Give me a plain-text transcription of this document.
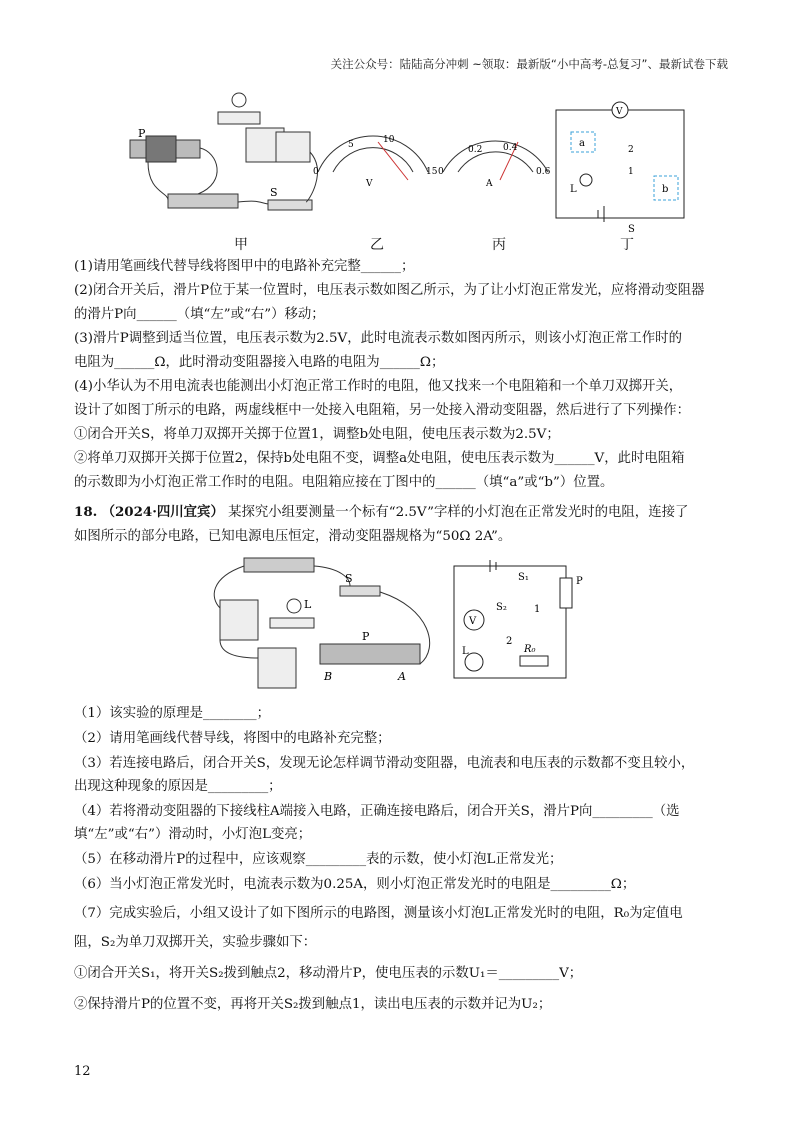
关注公众号：陆陆高分冲刺 ~领取：最新版“小中高考-总复习”、最新试卷下载
P
S
0
5	10
15
V
0
0.2 0.4
0.6
A
V
a
b
L
S
1
2
甲	乙	丙	丁
(1)请用笔画线代替导线将图甲中的电路补充完整______；
(2)闭合开关后，滑片P位于某一位置时，电压表示数如图乙所示，为了让小灯泡正常发光，应将滑动变阻器
的滑片P向______（填“左”或“右”）移动；
(3)滑片P调整到适当位置，电压表示数为2.5V，此时电流表示数如图丙所示，则该小灯泡正常工作时的
电阻为______Ω，此时滑动变阻器接入电路的电阻为______Ω；
(4)小华认为不用电流表也能测出小灯泡正常工作时的电阻，他又找来一个电阻箱和一个单刀双掷开关，
设计了如图丁所示的电路，两虚线框中一处接入电阻箱，另一处接入滑动变阻器，然后进行了下列操作：
①闭合开关S，将单刀双掷开关掷于位置1，调整b处电阻，使电压表示数为2.5V；
②将单刀双掷开关掷于位置2，保持b处电阻不变，调整a处电阻，使电压表示数为______V，此时电阻箱
的示数即为小灯泡正常工作时的电阻。电阻箱应接在丁图中的______（填“a”或“b”）位置。
18. （2024·四川宜宾） 某探究小组要测量一个标有“2.5V”字样的小灯泡在正常发光时的电阻，连接了
如图所示的部分电路，已知电源电压恒定，滑动变阻器规格为“50Ω 2A”。
S
L
P
B	A
S₁	P
S₂	1
2
V
L	R₀
（1）该实验的原理是________；
（2）请用笔画线代替导线，将图中的电路补充完整；
（3）若连接电路后，闭合开关S，发现无论怎样调节滑动变阻器，电流表和电压表的示数都不变且较小，
出现这种现象的原因是_________；
（4）若将滑动变阻器的下接线柱A端接入电路，正确连接电路后，闭合开关S，滑片P向_________（选
填“左”或“右”）滑动时，小灯泡L变亮；
（5）在移动滑片P的过程中，应该观察_________表的示数，使小灯泡L正常发光；
（6）当小灯泡正常发光时，电流表示数为0.25A，则小灯泡正常发光时的电阻是_________Ω；
（7）完成实验后，小组又设计了如下图所示的电路图，测量该小灯泡L正常发光时的电阻，R₀为定值电
阻，S₂为单刀双掷开关，实验步骤如下：
①闭合开关S₁，将开关S₂拨到触点2，移动滑片P，使电压表的示数U₁＝_________V；
②保持滑片P的位置不变，再将开关S₂拨到触点1，读出电压表的示数并记为U₂；
12
